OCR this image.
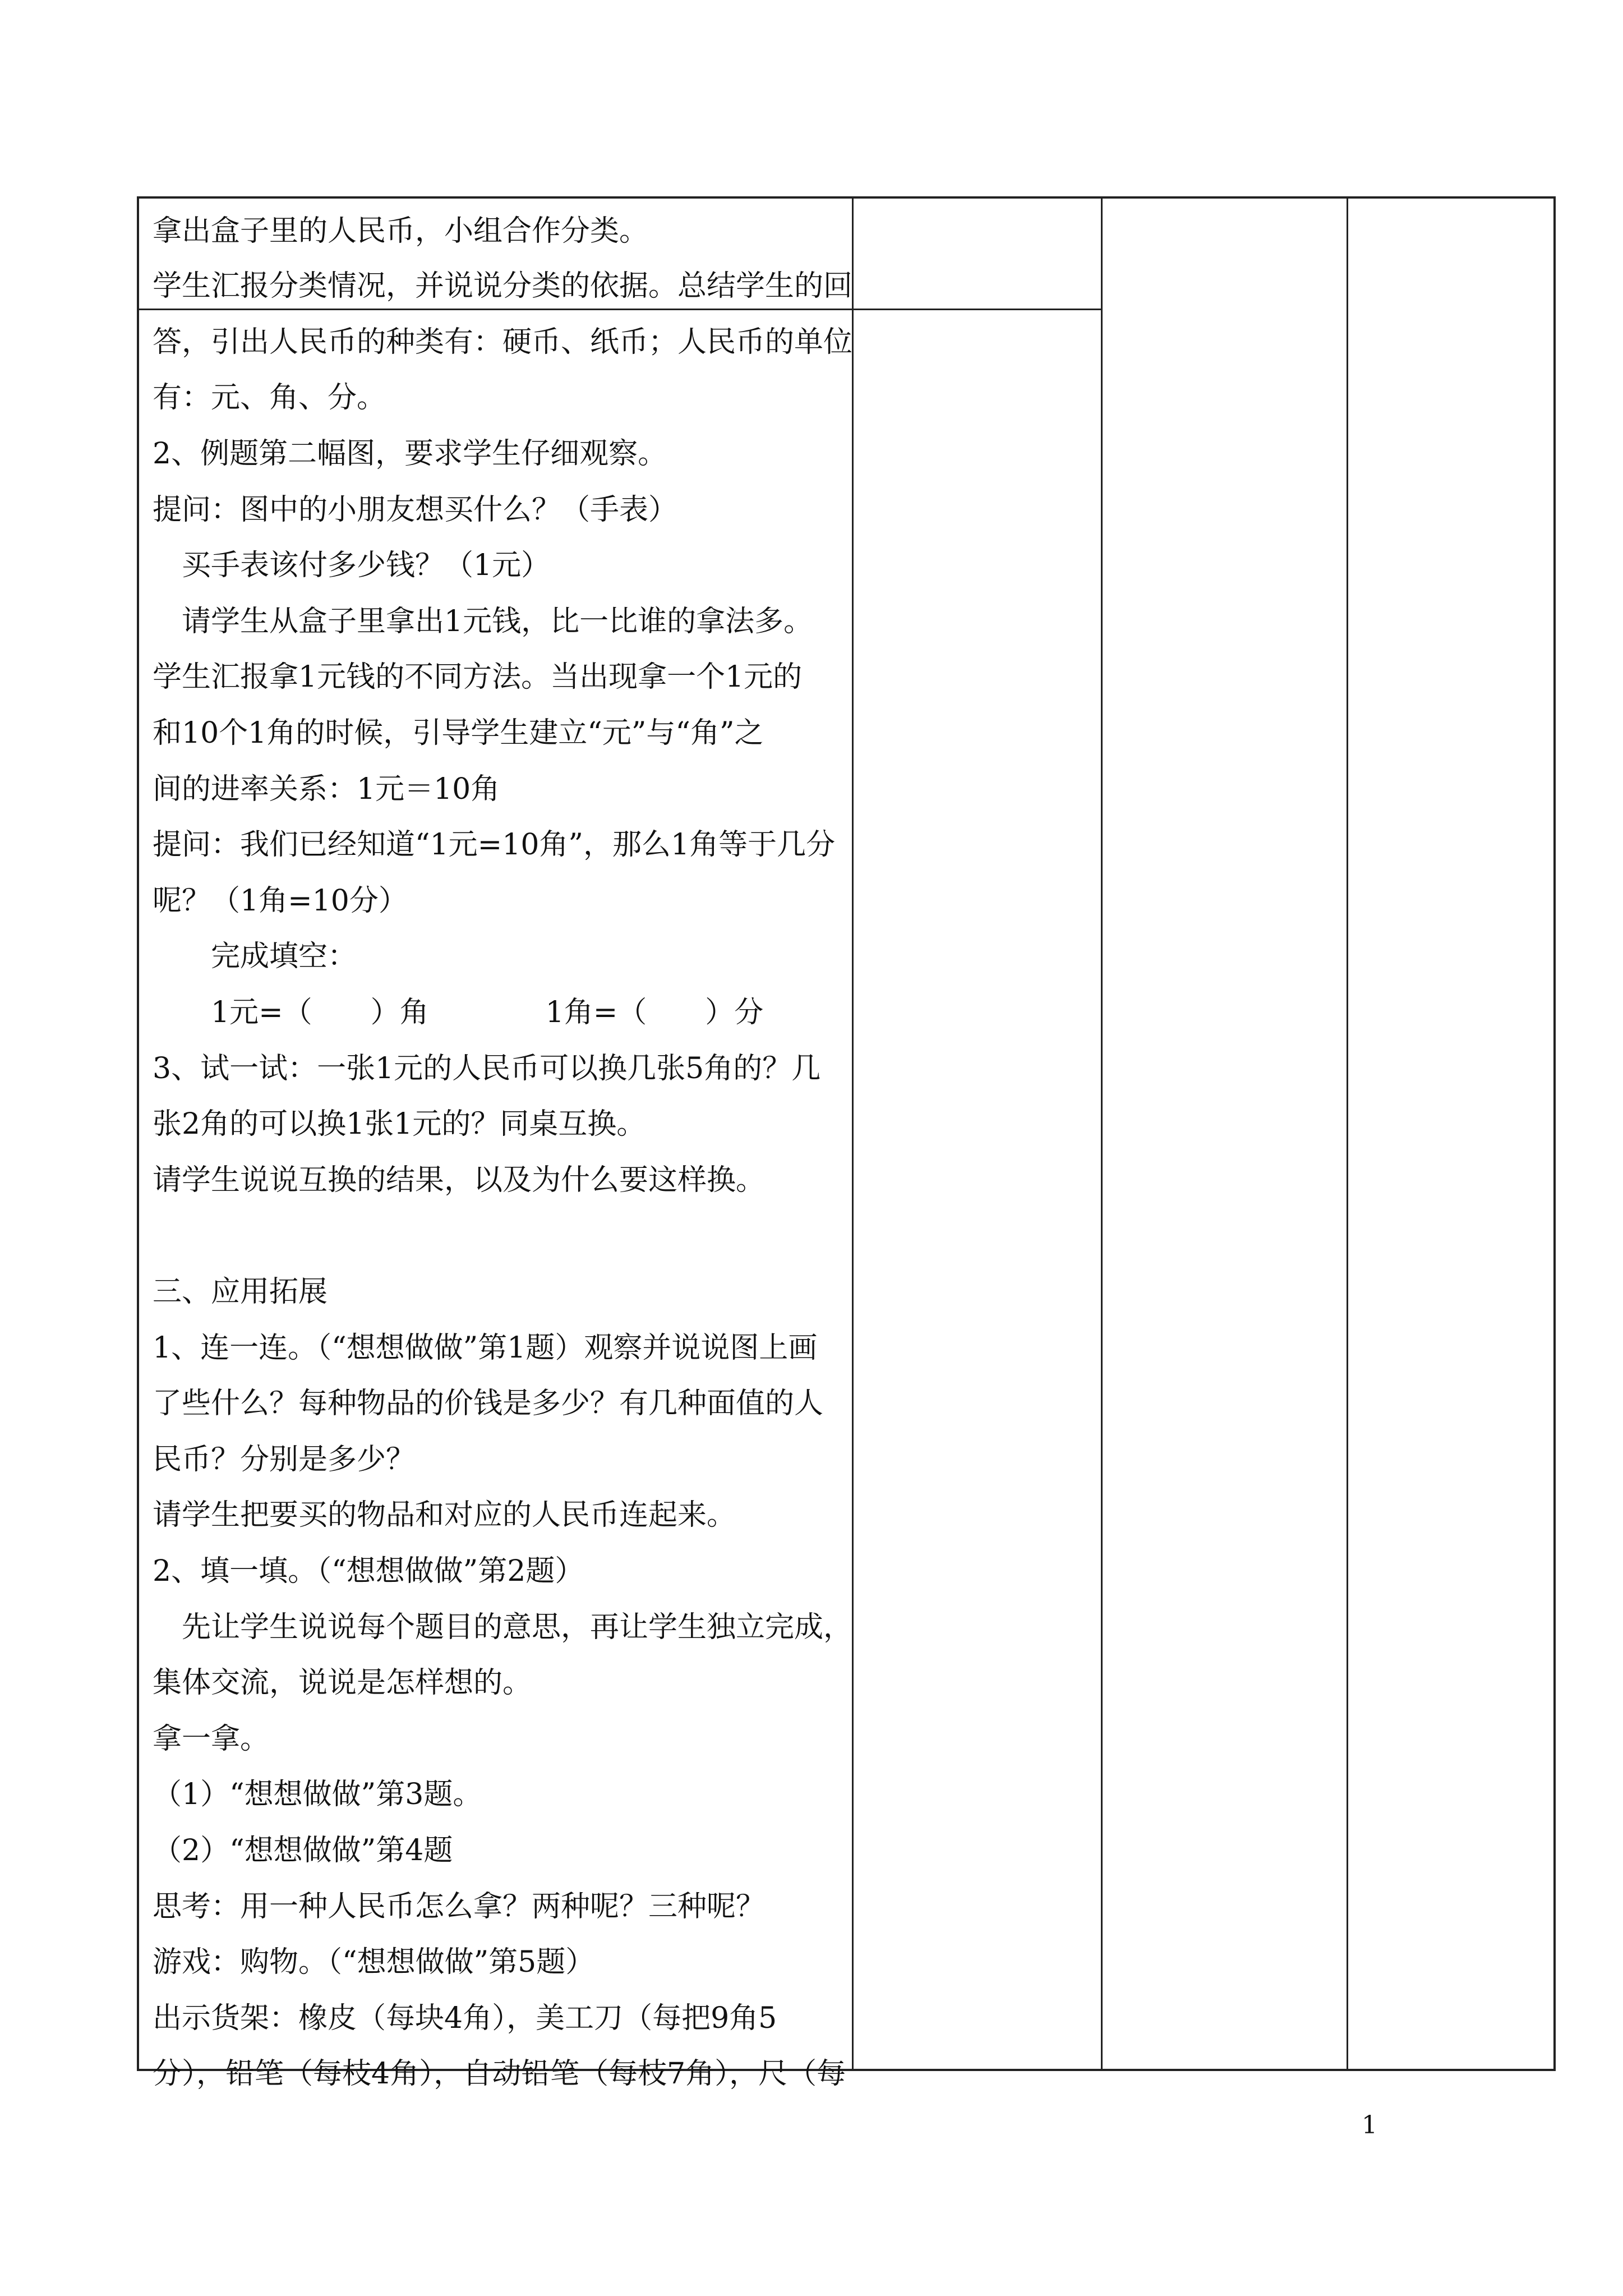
拿出盒子里的人民币，小组合作分类。
学生汇报分类情况，并说说分类的依据。总结学生的回
答，引出人民币的种类有：硬币、纸币；人民币的单位
有：元、角、分。
2、例题第二幅图，要求学生仔细观察。
提问：图中的小朋友想买什么？（手表）
　买手表该付多少钱？（1元）
　请学生从盒子里拿出1元钱，比一比谁的拿法多。
学生汇报拿1元钱的不同方法。当出现拿一个1元的
和10个1角的时候，引导学生建立“元”与“角”之
间的进率关系：1元＝10角
提问：我们已经知道“1元=10角”，那么1角等于几分
呢？（1角=10分）
　　完成填空：
　　1元=（　　）角　　　　1角=（　　）分
3、试一试：一张1元的人民币可以换几张5角的？几
张2角的可以换1张1元的？同桌互换。
请学生说说互换的结果，以及为什么要这样换。
三、应用拓展
1、连一连。（“想想做做”第1题）观察并说说图上画
了些什么？每种物品的价钱是多少？有几种面值的人
民币？分别是多少？
请学生把要买的物品和对应的人民币连起来。
2、填一填。（“想想做做”第2题）
　先让学生说说每个题目的意思，再让学生独立完成，
集体交流，说说是怎样想的。
拿一拿。
（1）“想想做做”第3题。
（2）“想想做做”第4题
思考：用一种人民币怎么拿？两种呢？三种呢？
游戏：购物。（“想想做做”第5题）
出示货架：橡皮（每块4角），美工刀（每把9角5
分），铅笔（每枝4角），自动铅笔（每枝7角），尺（每
1
